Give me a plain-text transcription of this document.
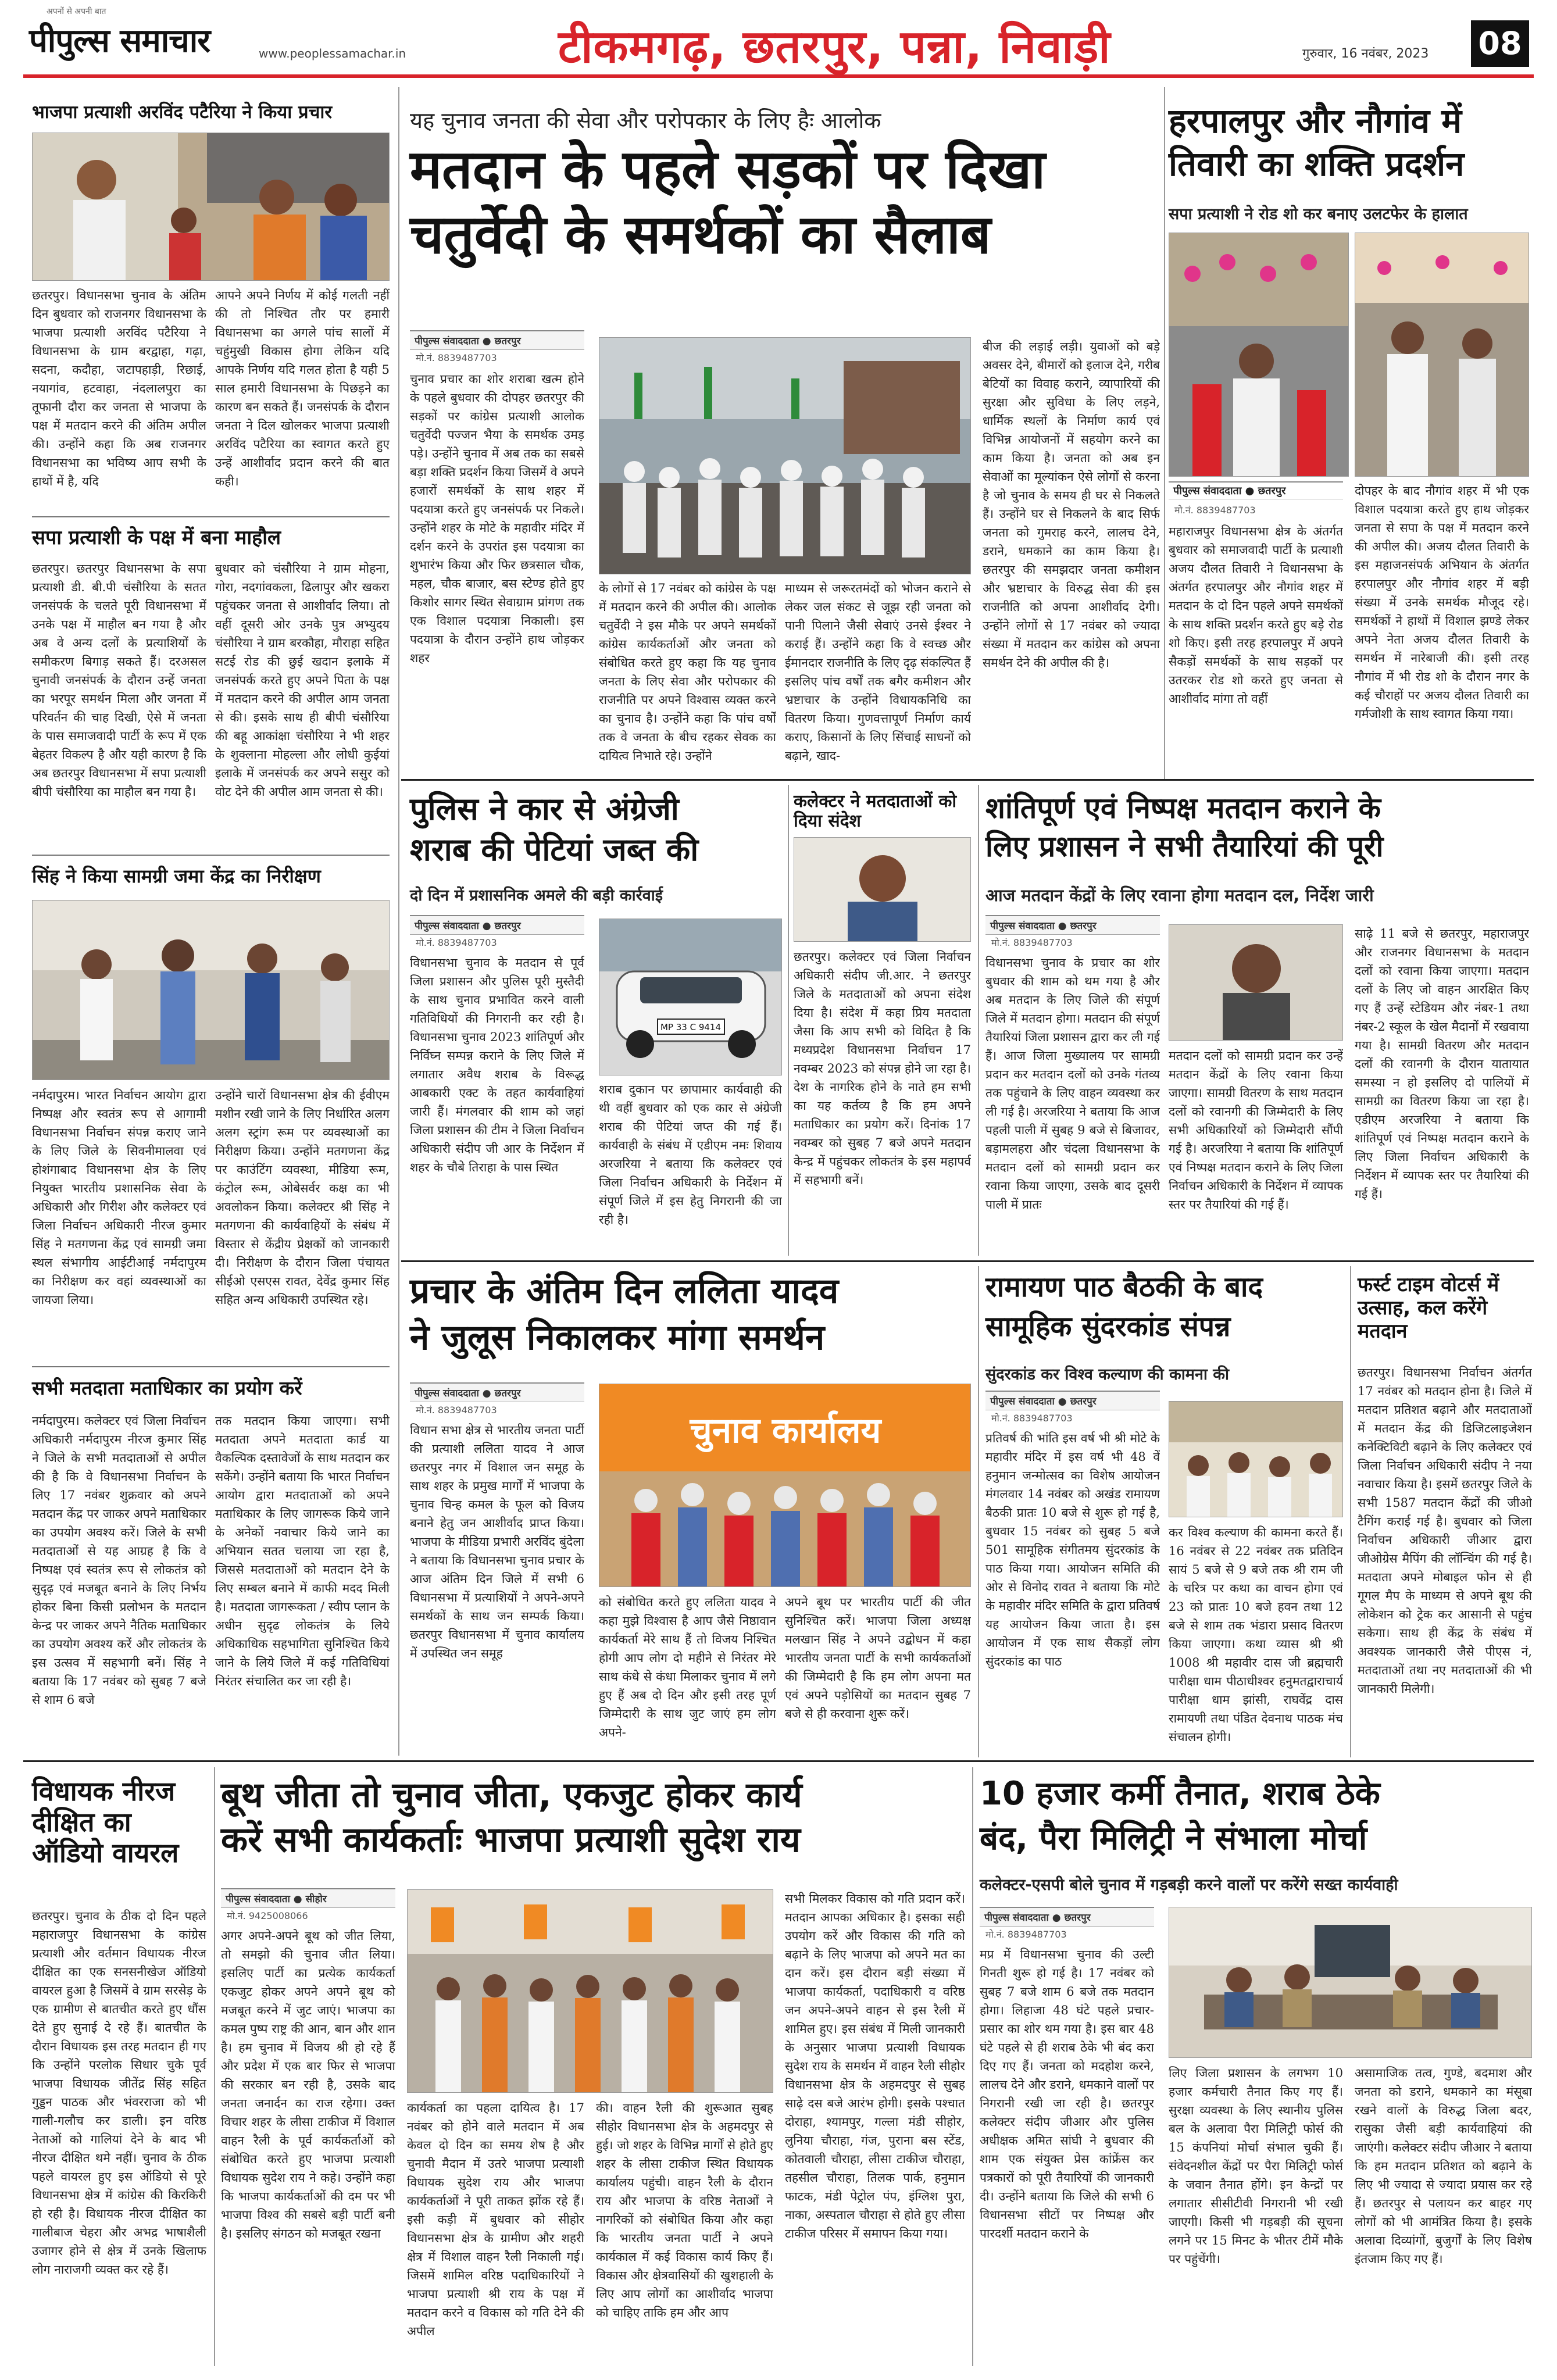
अपनों से अपनी बात
पीपुल्स समाचार	www.peoplessamachar.in	टीकमगढ़, छतरपुर, पन्ना, निवाड़ी	गुरुवार, 16 नवंबर, 2023 08
भाजपा प्रत्याशी अरविंद पटैरिया ने किया प्रचार
छतरपुर। विधानसभा चुनाव के अंतिम दिन बुधवार को राजनगर विधानसभा के भाजपा प्रत्याशी अरविंद पटैरिया ने विधानसभा के ग्राम बरद्वाहा, गढ़ा, सदना, कदौहा, जटापहाड़ी, रिछाई, नयागांव, हटवाहा, नंदलालपुरा का तूफानी दौरा कर जनता से भाजपा के पक्ष में मतदान करने की अंतिम अपील की। उन्होंने कहा कि अब राजनगर विधानसभा का भविष्य आप सभी के हाथों में है, यदि
आपने अपने निर्णय में कोई गलती नहीं की तो निश्चित तौर पर हमारी विधानसभा का अगले पांच सालों में चहुंमुखी विकास होगा लेकिन यदि आपके निर्णय यदि गलत होता है यही 5 साल हमारी विधानसभा के पिछड़ने का कारण बन सकते हैं। जनसंपर्क के दौरान जनता ने दिल खोलकर भाजपा प्रत्याशी अरविंद पटैरिया का स्वागत करते हुए उन्हें आशीर्वाद प्रदान करने की बात कही।
सपा प्रत्याशी के पक्ष में बना माहौल
छतरपुर। छतरपुर विधानसभा के सपा प्रत्याशी डी. बी.पी चंसौरिया के सतत जनसंपर्क के चलते पूरी विधानसभा में उनके पक्ष में माहौल बन गया है और अब वे अन्य दलों के प्रत्याशियों के समीकरण बिगाड़ सकते हैं। दरअसल चुनावी जनसंपर्क के दौरान उन्हें जनता का भरपूर समर्थन मिला और जनता में परिवर्तन की चाह दिखी, ऐसे में जनता के पास समाजवादी पार्टी के रूप में एक बेहतर विकल्प है और यही कारण है कि अब छतरपुर विधानसभा में सपा प्रत्याशी बीपी चंसौरिया का माहौल बन गया है।
बुधवार को चंसौरिया ने ग्राम मोहना, गोरा, नदगांवकला, ढिलापुर और खकरा पहुंचकर जनता से आशीर्वाद लिया। तो वहीं दूसरी ओर उनके पुत्र अभ्युदय चंसौरिया ने ग्राम बरकौहा, मौराहा सहित सटई रोड की छुई खदान इलाके में जनसंपर्क करते हुए अपने पिता के पक्ष में मतदान करने की अपील आम जनता से की। इसके साथ ही बीपी चंसौरिया की बहू आकांक्षा चंसौरिया ने भी शहर के शुक्लाना मोहल्ला और लोधी कुईयां इलाके में जनसंपर्क कर अपने ससुर को वोट देने की अपील आम जनता से की।
सिंह ने किया सामग्री जमा केंद्र का निरीक्षण
नर्मदापुरम। भारत निर्वाचन आयोग द्वारा निष्पक्ष और स्वतंत्र रूप से आगामी विधानसभा निर्वाचन संपन्न कराए जाने के लिए जिले के सिवनीमालवा एवं होशंगाबाद विधानसभा क्षेत्र के लिए नियुक्त भारतीय प्रशासनिक सेवा के अधिकारी और गिरीश और कलेक्टर एवं जिला निर्वाचन अधिकारी नीरज कुमार सिंह ने मतगणना केंद्र एवं सामग्री जमा स्थल संभागीय आईटीआई नर्मदापुरम का निरीक्षण कर वहां व्यवस्थाओं का जायजा लिया।
उन्होंने चारों विधानसभा क्षेत्र की ईवीएम मशीन रखी जाने के लिए निर्धारित अलग अलग स्ट्रांग रूम पर व्यवस्थाओं का निरीक्षण किया। उन्होंने मतगणना केंद्र पर काउंटिंग व्यवस्था, मीडिया रूम, कंट्रोल रूम, ओबेसर्वर कक्ष का भी अवलोकन किया। कलेक्टर श्री सिंह ने मतगणना की कार्यवाहियों के संबंध में विस्तार से केंद्रीय प्रेक्षकों को जानकारी दी। निरीक्षण के दौरान जिला पंचायत सीईओ एसएस रावत, देवेंद्र कुमार सिंह सहित अन्य अधिकारी उपस्थित रहे।
सभी मतदाता मताधिकार का प्रयोग करें
नर्मदापुरम। कलेक्टर एवं जिला निर्वाचन अधिकारी नर्मदापुरम नीरज कुमार सिंह ने जिले के सभी मतदाताओं से अपील की है कि वे विधानसभा निर्वाचन के लिए 17 नवंबर शुक्रवार को अपने मतदान केंद्र पर जाकर अपने मताधिकार का उपयोग अवश्य करें। जिले के सभी मतदाताओं से यह आग्रह है कि वे निष्पक्ष एवं स्वतंत्र रूप से लोकतंत्र को सुदृढ़ एवं मजबूत बनाने के लिए निर्भय होकर बिना किसी प्रलोभन के मतदान केन्द्र पर जाकर अपने नैतिक मताधिकार का उपयोग अवश्य करें और लोकतंत्र के इस उत्सव में सहभागी बनें। सिंह ने बताया कि 17 नवंबर को सुबह 7 बजे से शाम 6 बजे
तक मतदान किया जाएगा। सभी मतदाता अपने मतदाता कार्ड या वैकल्पिक दस्तावेजों के साथ मतदान कर सकेंगे। उन्होंने बताया कि भारत निर्वाचन आयोग द्वारा मतदाताओं को अपने मताधिकार के लिए जागरूक किये जाने के अनेकों नवाचार किये जाने का अभियान सतत चलाया जा रहा है, जिससे मतदाताओं को मतदान देने के लिए सम्बल बनाने में काफी मदद मिली है। मतदाता जागरूकता / स्वीप प्लान के अधीन सुदृढ लोकतंत्र के लिये अधिकाधिक सहभागिता सुनिश्चित किये जाने के लिये जिले में कई गतिविधियां निरंतर संचालित कर जा रही है।
विधायक नीरज दीक्षित का ऑडियो वायरल
छतरपुर। चुनाव के ठीक दो दिन पहले महाराजपुर विधानसभा के कांग्रेस प्रत्याशी और वर्तमान विधायक नीरज दीक्षित का एक सनसनीखेज ऑडियो वायरल हुआ है जिसमें वे ग्राम सरसेड़ के एक ग्रामीण से बातचीत करते हुए धौंस देते हुए सुनाई दे रहे हैं। बातचीत के दौरान विधायक इस तरह मतदान ही गए कि उन्होंने परलोक सिधार चुके पूर्व भाजपा विधायक जीतेंद्र सिंह सहित गुड्डन पाठक और भंवरराजा को भी गाली-गलौच कर डाली। इन वरिष्ठ नेताओं को गालियां देने के बाद भी नीरज दीक्षित थमे नहीं। चुनाव के ठीक पहले वायरल हुए इस ऑडियो से पूरे विधानसभा क्षेत्र में कांग्रेस की किरकिरी हो रही है। विधायक नीरज दीक्षित का गालीबाज चेहरा और अभद्र भाषाशैली उजागर होने से क्षेत्र में उनके खिलाफ लोग नाराजगी व्यक्त कर रहे हैं।
यह चुनाव जनता की सेवा और परोपकार के लिए हैः आलोक
मतदान के पहले सड़कों पर दिखा
चतुर्वेदी के समर्थकों का सैलाब
पीपुल्स संवाददाता ● छतरपुर
मो.नं. 8839487703
चुनाव प्रचार का शोर शराबा खत्म होने के पहले बुधवार की दोपहर छतरपुर की सड़कों पर कांग्रेस प्रत्याशी आलोक चतुर्वेदी पज्जन भैया के समर्थक उमड़ पड़े। उन्होंने चुनाव में अब तक का सबसे बड़ा शक्ति प्रदर्शन किया जिसमें वे अपने हजारों समर्थकों के साथ शहर में पदयात्रा करते हुए जनसंपर्क पर निकले। उन्होंने शहर के मोटे के महावीर मंदिर में दर्शन करने के उपरांत इस पदयात्रा का शुभारंभ किया और फिर छत्रसाल चौक, महल, चौक बाजार, बस स्टेण्ड होते हुए किशोर सागर स्थित सेवाग्राम प्रांगण तक एक विशाल पदयात्रा निकाली। इस पदयात्रा के दौरान उन्होंने हाथ जोड़कर शहर
के लोगों से 17 नवंबर को कांग्रेस के पक्ष में मतदान करने की अपील की। आलोक चतुर्वेदी ने इस मौके पर अपने समर्थकों कांग्रेस कार्यकर्ताओं और जनता को संबोधित करते हुए कहा कि यह चुनाव जनता के लिए सेवा और परोपकार की राजनीति पर अपने विश्वास व्यक्त करने का चुनाव है। उन्होंने कहा कि पांच वर्षों तक वे जनता के बीच रहकर सेवक का दायित्व निभाते रहे। उन्होंने
माध्यम से जरूरतमंदों को भोजन कराने से लेकर जल संकट से जूझ रही जनता को पानी पिलाने जैसी सेवाएं उनसे ईश्वर ने कराई हैं। उन्होंने कहा कि वे स्वच्छ और ईमानदार राजनीति के लिए दृढ़ संकल्पित हैं इसलिए पांच वर्षों तक बगैर कमीशन और भ्रष्टाचार के उन्होंने विधायकनिधि का वितरण किया। गुणवत्तापूर्ण निर्माण कार्य कराए, किसानों के लिए सिंचाई साधनों को बढ़ाने, खाद-
बीज की लड़ाई लड़ी। युवाओं को बड़े अवसर देने, बीमारों को इलाज देने, गरीब बेटियों का विवाह कराने, व्यापारियों की सुरक्षा और सुविधा के लिए लड़ने, धार्मिक स्थलों के निर्माण कार्य एवं विभिन्न आयोजनों में सहयोग करने का काम किया है। जनता को अब इन सेवाओं का मूल्यांकन ऐसे लोगों से करना है जो चुनाव के समय ही घर से निकलते हैं। उन्होंने घर से निकलने के बाद सिर्फ जनता को गुमराह करने, लालच देने, डराने, धमकाने का काम किया है। छतरपुर की समझदार जनता कमीशन और भ्रष्टाचार के विरुद्ध सेवा की इस राजनीति को अपना आशीर्वाद देगी। उन्होंने लोगों से 17 नवंबर को ज्यादा संख्या में मतदान कर कांग्रेस को अपना समर्थन देने की अपील की है।
हरपालपुर और नौगांव में
तिवारी का शक्ति प्रदर्शन
सपा प्रत्याशी ने रोड शो कर बनाए उलटफेर के हालात
पीपुल्स संवाददाता ● छतरपुर
मो.नं. 8839487703
महाराजपुर विधानसभा क्षेत्र के अंतर्गत बुधवार को समाजवादी पार्टी के प्रत्याशी अजय दौलत तिवारी ने विधानसभा के अंतर्गत हरपालपुर और नौगांव शहर में मतदान के दो दिन पहले अपने समर्थकों के साथ शक्ति प्रदर्शन करते हुए बड़े रोड शो किए। इसी तरह हरपालपुर में अपने सैकड़ों समर्थकों के साथ सड़कों पर उतरकर रोड शो करते हुए जनता से आशीर्वाद मांगा तो वहीं
दोपहर के बाद नौगांव शहर में भी एक विशाल पदयात्रा करते हुए हाथ जोड़कर जनता से सपा के पक्ष में मतदान करने की अपील की। अजय दौलत तिवारी के इस महाजनसंपर्क अभियान के अंतर्गत हरपालपुर और नौगांव शहर में बड़ी संख्या में उनके समर्थक मौजूद रहे। समर्थकों ने हाथों में विशाल झण्डे लेकर अपने नेता अजय दौलत तिवारी के समर्थन में नारेबाजी की। इसी तरह नौगांव में भी रोड शो के दौरान नगर के कई चौराहों पर अजय दौलत तिवारी का गर्मजोशी के साथ स्वागत किया गया।
पुलिस ने कार से अंग्रेजी
शराब की पेटियां जब्त की
दो दिन में प्रशासनिक अमले की बड़ी कार्रवाई
पीपुल्स संवाददाता ● छतरपुर
मो.नं. 8839487703
विधानसभा चुनाव के मतदान से पूर्व जिला प्रशासन और पुलिस पूरी मुस्तैदी के साथ चुनाव प्रभावित करने वाली गतिविधियों की निगरानी कर रही है। विधानसभा चुनाव 2023 शांतिपूर्ण और निर्विघ्न सम्पन्न कराने के लिए जिले में लगातार अवैध शराब के विरूद्ध आबकारी एक्ट के तहत कार्यवाहियां जारी हैं। मंगलवार की शाम को जहां जिला प्रशासन की टीम ने जिला निर्वाचन अधिकारी संदीप जी आर के निर्देशन में शहर के चौबे तिराहा के पास स्थित
MP 33 C 9414
शराब दुकान पर छापामार कार्यवाही की थी वहीं बुधवार को एक कार से अंग्रेजी शराब की पेटियां जप्त की गई हैं। कार्यवाही के संबंध में एडीएम नमः शिवाय अरजरिया ने बताया कि कलेक्टर एवं जिला निर्वाचन अधिकारी के निर्देशन में संपूर्ण जिले में इस हेतु निगरानी की जा रही है।
कलेक्टर ने मतदाताओं को दिया संदेश
छतरपुर। कलेक्टर एवं जिला निर्वाचन अधिकारी संदीप जी.आर. ने छतरपुर जिले के मतदाताओं को अपना संदेश दिया है। संदेश में कहा प्रिय मतदाता जैसा कि आप सभी को विदित है कि मध्यप्रदेश विधानसभा निर्वाचन 17 नवम्बर 2023 को संपन्न होने जा रहा है। देश के नागरिक होने के नाते हम सभी का यह कर्तव्य है कि हम अपने मताधिकार का प्रयोग करें। दिनांक 17 नवम्बर को सुबह 7 बजे अपने मतदान केन्द्र में पहुंचकर लोकतंत्र के इस महापर्व में सहभागी बनें।
शांतिपूर्ण एवं निष्पक्ष मतदान कराने के
लिए प्रशासन ने सभी तैयारियां की पूरी
आज मतदान केंद्रों के लिए रवाना होगा मतदान दल, निर्देश जारी
पीपुल्स संवाददाता ● छतरपुर
मो.नं. 8839487703
विधानसभा चुनाव के प्रचार का शोर बुधवार की शाम को थम गया है और अब मतदान के लिए जिले की संपूर्ण जिले में मतदान होगा। मतदान की संपूर्ण तैयारियां जिला प्रशासन द्वारा कर ली गई हैं। आज जिला मुख्यालय पर सामग्री प्रदान कर मतदान दलों को उनके गंतव्य तक पहुंचाने के लिए वाहन व्यवस्था कर ली गई है। अरजरिया ने बताया कि आज पहली पाली में सुबह 9 बजे से बिजावर, बड़ामलहरा और चंदला विधानसभा के मतदान दलों को सामग्री प्रदान कर रवाना किया जाएगा, उसके बाद दूसरी पाली में प्रातः
मतदान दलों को सामग्री प्रदान कर उन्हें मतदान केंद्रों के लिए रवाना किया जाएगा। सामग्री वितरण के साथ मतदान दलों को रवानगी की जिम्मेदारी के लिए सभी अधिकारियों को जिम्मेदारी सौंपी गई है। अरजरिया ने बताया कि शांतिपूर्ण एवं निष्पक्ष मतदान कराने के लिए जिला निर्वाचन अधिकारी के निर्देशन में व्यापक स्तर पर तैयारियां की गई हैं।
साढ़े 11 बजे से छतरपुर, महाराजपुर और राजनगर विधानसभा के मतदान दलों को रवाना किया जाएगा। मतदान दलों के लिए जो वाहन आरक्षित किए गए हैं उन्हें स्टेडियम और नंबर-1 तथा नंबर-2 स्कूल के खेल मैदानों में रखवाया गया है। सामग्री वितरण और मतदान दलों की रवानगी के दौरान यातायात समस्या न हो इसलिए दो पालियों में सामग्री का वितरण किया जा रहा है। एडीएम अरजरिया ने बताया कि शांतिपूर्ण एवं निष्पक्ष मतदान कराने के लिए जिला निर्वाचन अधिकारी के निर्देशन में व्यापक स्तर पर तैयारियां की गई हैं।
प्रचार के अंतिम दिन ललिता यादव
ने जुलूस निकालकर मांगा समर्थन
पीपुल्स संवाददाता ● छतरपुर
मो.नं. 8839487703
विधान सभा क्षेत्र से भारतीय जनता पार्टी की प्रत्याशी ललिता यादव ने आज छतरपुर नगर में विशाल जन समूह के साथ शहर के प्रमुख मार्गों में भाजपा के चुनाव चिन्ह कमल के फूल को विजय बनाने हेतु जन आशीर्वाद प्राप्त किया। भाजपा के मीडिया प्रभारी अरविंद बुंदेला ने बताया कि विधानसभा चुनाव प्रचार के आज अंतिम दिन जिले में सभी 6 विधानसभा में प्रत्याशियों ने अपने-अपने समर्थकों के साथ जन सम्पर्क किया। छतरपुर विधानसभा में चुनाव कार्यालय में उपस्थित जन समूह
चुनाव कार्यालय
को संबोधित करते हुए ललिता यादव ने कहा मुझे विश्वास है आप जैसे निष्ठावान कार्यकर्ता मेरे साथ हैं तो विजय निश्चित होगी आप लोग दो महीने से निरंतर मेरे साथ कंधे से कंधा मिलाकर चुनाव में लगे हुए हैं अब दो दिन और इसी तरह पूर्ण जिम्मेदारी के साथ जुट जाएं हम लोग अपने-
अपने बूथ पर भारतीय पार्टी की जीत सुनिश्चित करें। भाजपा जिला अध्यक्ष मलखान सिंह ने अपने उद्बोधन में कहा भारतीय जनता पार्टी के सभी कार्यकर्ताओं की जिम्मेदारी है कि हम लोग अपना मत एवं अपने पड़ोसियों का मतदान सुबह 7 बजे से ही करवाना शुरू करें।
रामायण पाठ बैठकी के बाद
सामूहिक सुंदरकांड संपन्न
सुंदरकांड कर विश्व कल्याण की कामना की
पीपुल्स संवाददाता ● छतरपुर
मो.नं. 8839487703
प्रतिवर्ष की भांति इस वर्ष भी श्री मोटे के महावीर मंदिर में इस वर्ष भी 48 वें हनुमान जन्मोत्सव का विशेष आयोजन मंगलवार 14 नवंबर को अखंड रामायण बैठकी प्रातः 10 बजे से शुरू हो गई है, बुधवार 15 नवंबर को सुबह 5 बजे 501 सामूहिक संगीतमय सुंदरकांड के पाठ किया गया। आयोजन समिति की ओर से विनोद रावत ने बताया कि मोटे के महावीर मंदिर समिति के द्वारा प्रतिवर्ष यह आयोजन किया जाता है। इस आयोजन में एक साथ सैकड़ों लोग सुंदरकांड का पाठ
कर विश्व कल्याण की कामना करते हैं। 16 नवंबर से 22 नवंबर तक प्रतिदिन सायं 5 बजे से 9 बजे तक श्री राम जी के चरित्र पर कथा का वाचन होगा एवं 23 को प्रातः 10 बजे हवन तथा 12 बजे से शाम तक भंडारा प्रसाद वितरण किया जाएगा। कथा व्यास श्री श्री 1008 श्री महावीर दास जी ब्रह्मचारी पारीक्षा धाम पीठाधीश्वर हनुमतद्वाराचार्य पारीक्षा धाम झांसी, राघवेंद्र दास रामायणी तथा पंडित देवनाथ पाठक मंच संचालन होगी।
फर्स्ट टाइम वोटर्स में उत्साह, कल करेंगे मतदान
छतरपुर। विधानसभा निर्वाचन अंतर्गत 17 नवंबर को मतदान होना है। जिले में मतदान प्रतिशत बढ़ाने और मतदाताओं में मतदान केंद्र की डिजिटलाइजेशन कनेक्टिविटी बढ़ाने के लिए कलेक्टर एवं जिला निर्वाचन अधिकारी संदीप ने नया नवाचार किया है। इसमें छतरपुर जिले के सभी 1587 मतदान केंद्रों की जीओ टैगिंग कराई गई है। बुधवार को जिला निर्वाचन अधिकारी जीआर द्वारा जीओग्रेस मैपिंग की लॉन्चिंग की गई है। मतदाता अपने मोबाइल फोन से ही गूगल मैप के माध्यम से अपने बूथ की लोकेशन को ट्रेक कर आसानी से पहुंच सकेगा। साथ ही केंद्र के संबंध में अवश्यक जानकारी जैसे पीएस नं, मतदाताओं तथा नए मतदाताओं की भी जानकारी मिलेगी।
बूथ जीता तो चुनाव जीता, एकजुट होकर कार्य
करें सभी कार्यकर्ताः भाजपा प्रत्याशी सुदेश राय
पीपुल्स संवाददाता ● सीहोर
मो.नं. 9425008066
अगर अपने-अपने बूथ को जीत लिया, तो समझो की चुनाव जीत लिया। इसलिए पार्टी का प्रत्येक कार्यकर्ता एकजुट होकर अपने अपने बूथ को मजबूत करने में जुट जाएं। भाजपा का कमल पुष्प राष्ट्र की आन, बान और शान है। हम चुनाव में विजय श्री हो रहे हैं और प्रदेश में एक बार फिर से भाजपा की सरकार बन रही है, उसके बाद जनता जनार्दन का राज रहेगा। उक्त विचार शहर के लीसा टाकीज में विशाल वाहन रैली के पूर्व कार्यकर्ताओं को संबोधित करते हुए भाजपा प्रत्याशी विधायक सुदेश राय ने कहे। उन्होंने कहा कि भाजपा कार्यकर्ताओं की दम पर भी भाजपा विश्व की सबसे बड़ी पार्टी बनी है। इसलिए संगठन को मजबूत रखना
कार्यकर्ता का पहला दायित्व है। 17 नवंबर को होने वाले मतदान में अब केवल दो दिन का समय शेष है और चुनावी मैदान में उतरे भाजपा प्रत्याशी विधायक सुदेश राय और भाजपा कार्यकर्ताओं ने पूरी ताकत झोंक रहे हैं। इसी कड़ी में बुधवार को सीहोर विधानसभा क्षेत्र के ग्रामीण और शहरी क्षेत्र में विशाल वाहन रैली निकाली गई। जिसमें शामिल वरिष्ठ पदाधिकारियों ने भाजपा प्रत्याशी श्री राय के पक्ष में मतदान करने व विकास को गति देने की अपील
की। वाहन रैली की शुरूआत सुबह सीहोर विधानसभा क्षेत्र के अहमदपुर से हुई। जो शहर के विभिन्न मार्गों से होते हुए शहर के लीसा टाकीज स्थित विधायक कार्यालय पहुंची। वाहन रैली के दौरान राय और भाजपा के वरिष्ठ नेताओं ने नागरिकों को संबोधित किया और कहा कि भारतीय जनता पार्टी ने अपने कार्यकाल में कई विकास कार्य किए हैं। विकास और क्षेत्रवासियों की खुशहाली के लिए आप लोगों का आशीर्वाद भाजपा को चाहिए ताकि हम और आप
सभी मिलकर विकास को गति प्रदान करें। मतदान आपका अधिकार है। इसका सही उपयोग करें और विकास की गति को बढ़ाने के लिए भाजपा को अपने मत का दान करें। इस दौरान बड़ी संख्या में भाजपा कार्यकर्ता, पदाधिकारी व वरिष्ठ जन अपने-अपने वाहन से इस रैली में शामिल हुए। इस संबंध में मिली जानकारी के अनुसार भाजपा प्रत्याशी विधायक सुदेश राय के समर्थन में वाहन रैली सीहोर विधानसभा क्षेत्र के अहमदपुर से सुबह साढ़े दस बजे आरंभ होगी। इसके पश्चात दोराहा, श्यामपुर, गल्ला मंडी सीहोर, लुनिया चौराहा, गंज, पुराना बस स्टेंड, कोतवाली चौराहा, लीसा टाकीज चौराहा, तहसील चौराहा, तिलक पार्क, हनुमान फाटक, मंडी पेट्रोल पंप, इंग्लिश पुरा, नाका, अस्पताल चौराहा से होते हुए लीसा टाकीज परिसर में समापन किया गया।
10 हजार कर्मी तैनात, शराब ठेके
बंद, पैरा मिलिट्री ने संभाला मोर्चा
कलेक्टर-एसपी बोले चुनाव में गड़बड़ी करने वालों पर करेंगे सख्त कार्यवाही
पीपुल्स संवाददाता ● छतरपुर
मो.नं. 8839487703
मप्र में विधानसभा चुनाव की उल्टी गिनती शुरू हो गई है। 17 नवंबर को सुबह 7 बजे शाम 6 बजे तक मतदान होगा। लिहाजा 48 घंटे पहले प्रचार-प्रसार का शोर थम गया है। इस बार 48 घंटे पहले से ही शराब ठेके भी बंद करा दिए गए हैं। जनता को मदहोश करने, लालच देने और डराने, धमकाने वालों पर निगरानी रखी जा रही है। छतरपुर कलेक्टर संदीप जीआर और पुलिस अधीक्षक अमित सांघी ने बुधवार की शाम एक संयुक्त प्रेस कांफ्रेंस कर पत्रकारों को पूरी तैयारियों की जानकारी दी। उन्होंने बताया कि जिले की सभी 6 विधानसभा सीटों पर निष्पक्ष और पारदर्शी मतदान कराने के
लिए जिला प्रशासन के लगभग 10 हजार कर्मचारी तैनात किए गए हैं। सुरक्षा व्यवस्था के लिए स्थानीय पुलिस बल के अलावा पैरा मिलिट्री फोर्स की 15 कंपनियां मोर्चा संभाल चुकी हैं। संवेदनशील केंद्रों पर पैरा मिलिट्री फोर्स के जवान तैनात होंगे। इन केन्द्रों पर लगातार सीसीटीवी निगरानी भी रखी जाएगी। किसी भी गड़बड़ी की सूचना लगने पर 15 मिनट के भीतर टीमें मौके पर पहुंचेंगी।
असामाजिक तत्व, गुण्डे, बदमाश और जनता को डराने, धमकाने का मंसूबा रखने वालों के विरुद्ध जिला बदर, रासुका जैसी बड़ी कार्यवाहियां की जाएंगी। कलेक्टर संदीप जीआर ने बताया कि हम मतदान प्रतिशत को बढ़ाने के लिए भी ज्यादा से ज्यादा प्रयास कर रहे हैं। छतरपुर से पलायन कर बाहर गए लोगों को भी आमंत्रित किया है। इसके अलावा दिव्यांगों, बुजुर्गों के लिए विशेष इंतजाम किए गए हैं।
